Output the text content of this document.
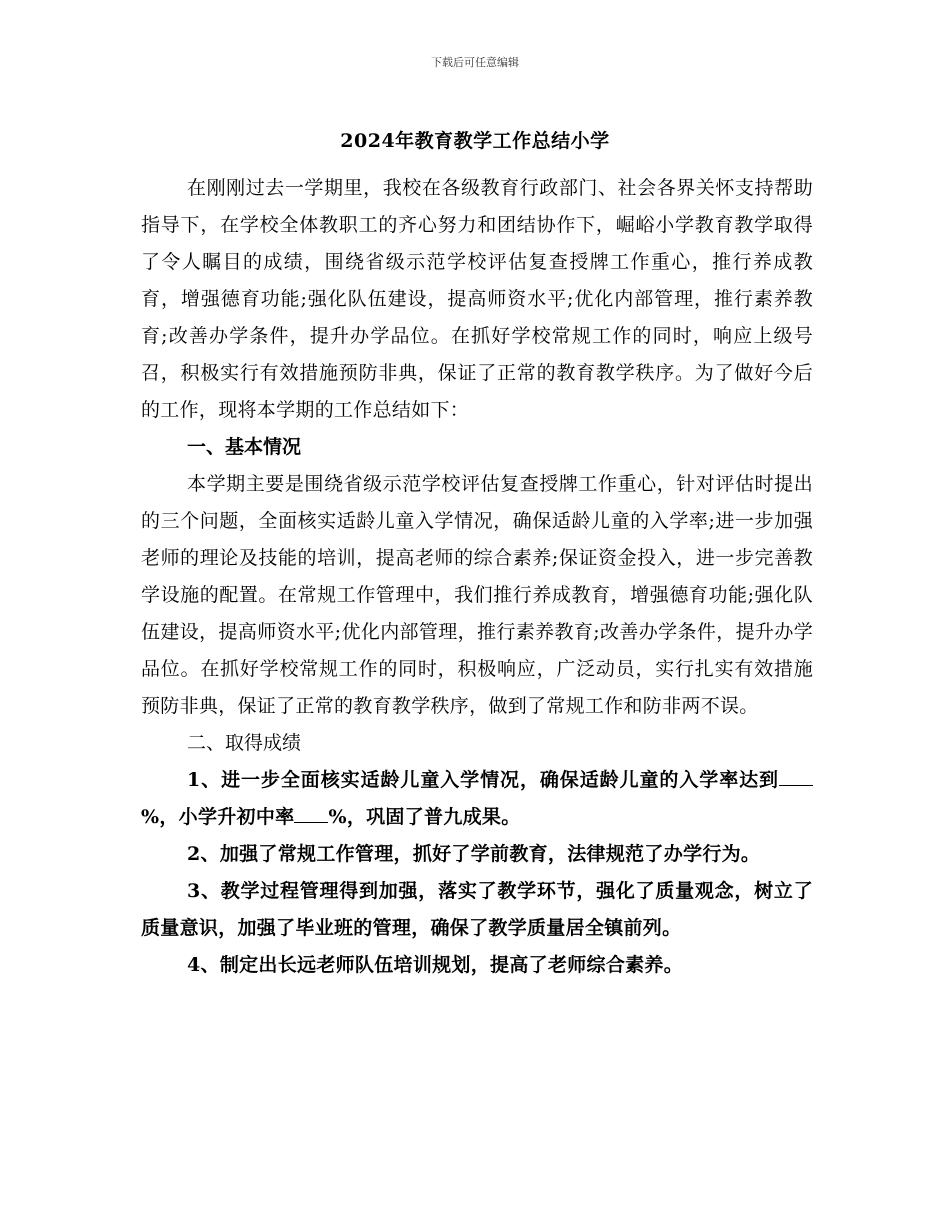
下载后可任意编辑
2024年教育教学工作总结小学

在刚刚过去一学期里，我校在各级教育行政部门、社会各界关怀支持帮助指导下，在学校全体教职工的齐心努力和团结协作下，崛峪小学教育教学取得了令人瞩目的成绩，围绕省级示范学校评估复查授牌工作重心，推行养成教育，增强德育功能;强化队伍建设，提高师资水平;优化内部管理，推行素养教育;改善办学条件，提升办学品位。在抓好学校常规工作的同时，响应上级号召，积极实行有效措施预防非典，保证了正常的教育教学秩序。为了做好今后的工作，现将本学期的工作总结如下：

一、基本情况

本学期主要是围绕省级示范学校评估复查授牌工作重心，针对评估时提出的三个问题，全面核实适龄儿童入学情况，确保适龄儿童的入学率;进一步加强老师的理论及技能的培训，提高老师的综合素养;保证资金投入，进一步完善教学设施的配置。在常规工作管理中，我们推行养成教育，增强德育功能;强化队伍建设，提高师资水平;优化内部管理，推行素养教育;改善办学条件，提升办学品位。在抓好学校常规工作的同时，积极响应，广泛动员，实行扎实有效措施预防非典，保证了正常的教育教学秩序，做到了常规工作和防非两不误。

二、取得成绩

1、进一步全面核实适龄儿童入学情况，确保适龄儿童的入学率达到%，小学升初中率 %，巩固了普九成果。

2、加强了常规工作管理，抓好了学前教育，法律规范了办学行为。

3、教学过程管理得到加强，落实了教学环节，强化了质量观念，树立了质量意识，加强了毕业班的管理，确保了教学质量居全镇前列。

4、制定出长远老师队伍培训规划，提高了老师综合素养。
